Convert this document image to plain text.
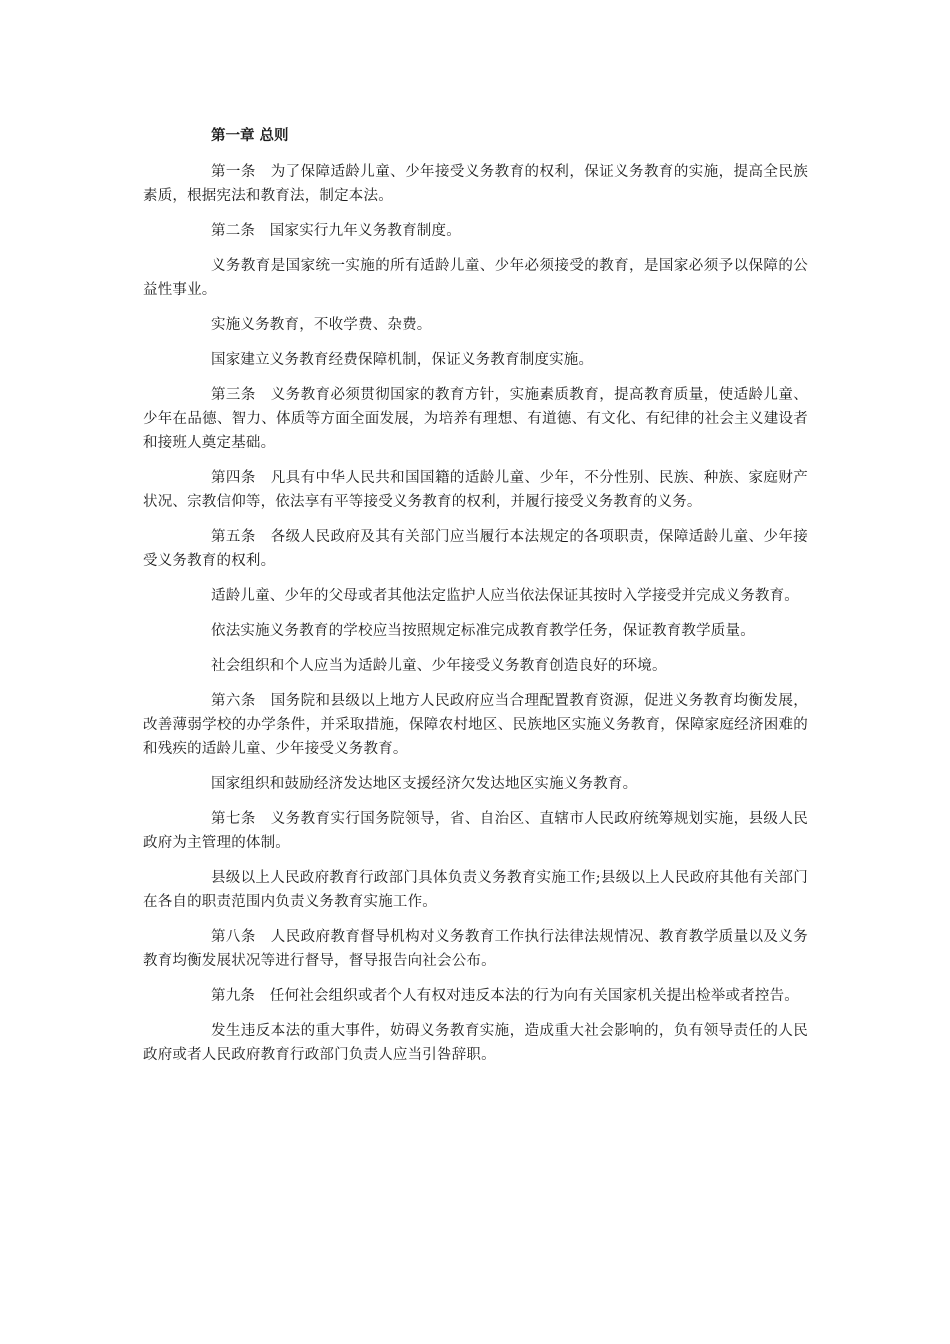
第一章 总则

第一条　为了保障适龄儿童、少年接受义务教育的权利，保证义务教育的实施，提高全民族素质，根据宪法和教育法，制定本法。

第二条　国家实行九年义务教育制度。

义务教育是国家统一实施的所有适龄儿童、少年必须接受的教育，是国家必须予以保障的公益性事业。

实施义务教育，不收学费、杂费。

国家建立义务教育经费保障机制，保证义务教育制度实施。

第三条　义务教育必须贯彻国家的教育方针，实施素质教育，提高教育质量，使适龄儿童、少年在品德、智力、体质等方面全面发展，为培养有理想、有道德、有文化、有纪律的社会主义建设者和接班人奠定基础。

第四条　凡具有中华人民共和国国籍的适龄儿童、少年，不分性别、民族、种族、家庭财产状况、宗教信仰等，依法享有平等接受义务教育的权利，并履行接受义务教育的义务。

第五条　各级人民政府及其有关部门应当履行本法规定的各项职责，保障适龄儿童、少年接受义务教育的权利。

适龄儿童、少年的父母或者其他法定监护人应当依法保证其按时入学接受并完成义务教育。

依法实施义务教育的学校应当按照规定标准完成教育教学任务，保证教育教学质量。

社会组织和个人应当为适龄儿童、少年接受义务教育创造良好的环境。

第六条　国务院和县级以上地方人民政府应当合理配置教育资源，促进义务教育均衡发展，改善薄弱学校的办学条件，并采取措施，保障农村地区、民族地区实施义务教育，保障家庭经济困难的和残疾的适龄儿童、少年接受义务教育。

国家组织和鼓励经济发达地区支援经济欠发达地区实施义务教育。

第七条　义务教育实行国务院领导，省、自治区、直辖市人民政府统筹规划实施，县级人民政府为主管理的体制。

县级以上人民政府教育行政部门具体负责义务教育实施工作;县级以上人民政府其他有关部门在各自的职责范围内负责义务教育实施工作。

第八条　人民政府教育督导机构对义务教育工作执行法律法规情况、教育教学质量以及义务教育均衡发展状况等进行督导，督导报告向社会公布。

第九条　任何社会组织或者个人有权对违反本法的行为向有关国家机关提出检举或者控告。

发生违反本法的重大事件，妨碍义务教育实施，造成重大社会影响的，负有领导责任的人民政府或者人民政府教育行政部门负责人应当引咎辞职。
